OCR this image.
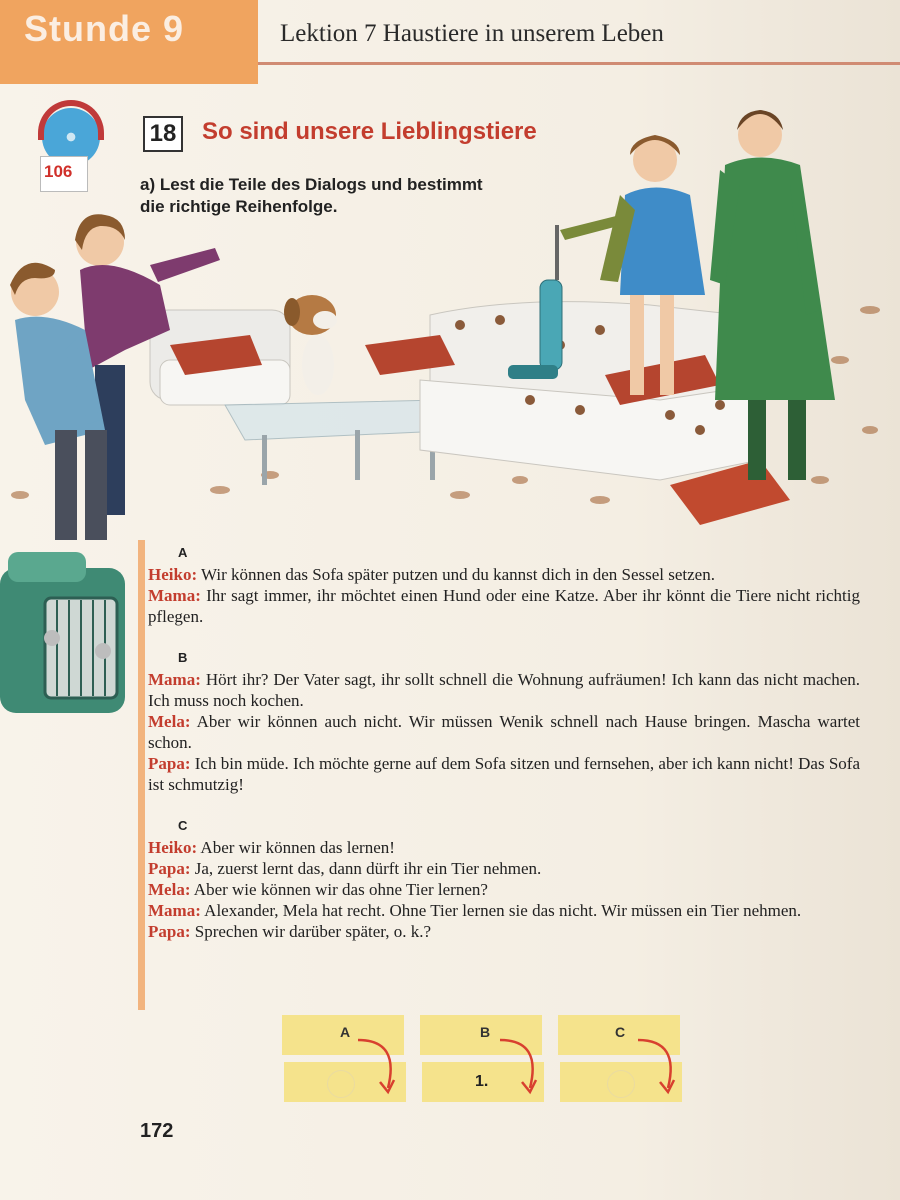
Stunde 9	Lektion 7 Haustiere in unserem Leben
106
18 So sind unsere Lieblingstiere
a) Lest die Teile des Dialogs und bestimmt
die richtige Reihenfolge.
A
Heiko: Wir können das Sofa später putzen und du kannst dich in den Sessel setzen.
Mama: Ihr sagt immer, ihr möchtet einen Hund oder eine Katze. Aber ihr könnt die Tiere nicht richtig pflegen.
B
Mama: Hört ihr? Der Vater sagt, ihr sollt schnell die Wohnung aufräumen! Ich kann das nicht machen. Ich muss noch kochen.
Mela: Aber wir können auch nicht. Wir müssen Wenik schnell nach Hause bringen. Mascha wartet schon.
Papa: Ich bin müde. Ich möchte gerne auf dem Sofa sitzen und fernsehen, aber ich kann nicht! Das Sofa ist schmutzig!
C
Heiko: Aber wir können das lernen!
Papa: Ja, zuerst lernt das, dann dürft ihr ein Tier nehmen.
Mela: Aber wie können wir das ohne Tier lernen?
Mama: Alexander, Mela hat recht. Ohne Tier lernen sie das nicht. Wir müssen ein Tier nehmen.
Papa: Sprechen wir darüber später, o. k.?
A	B
1.
C
172
